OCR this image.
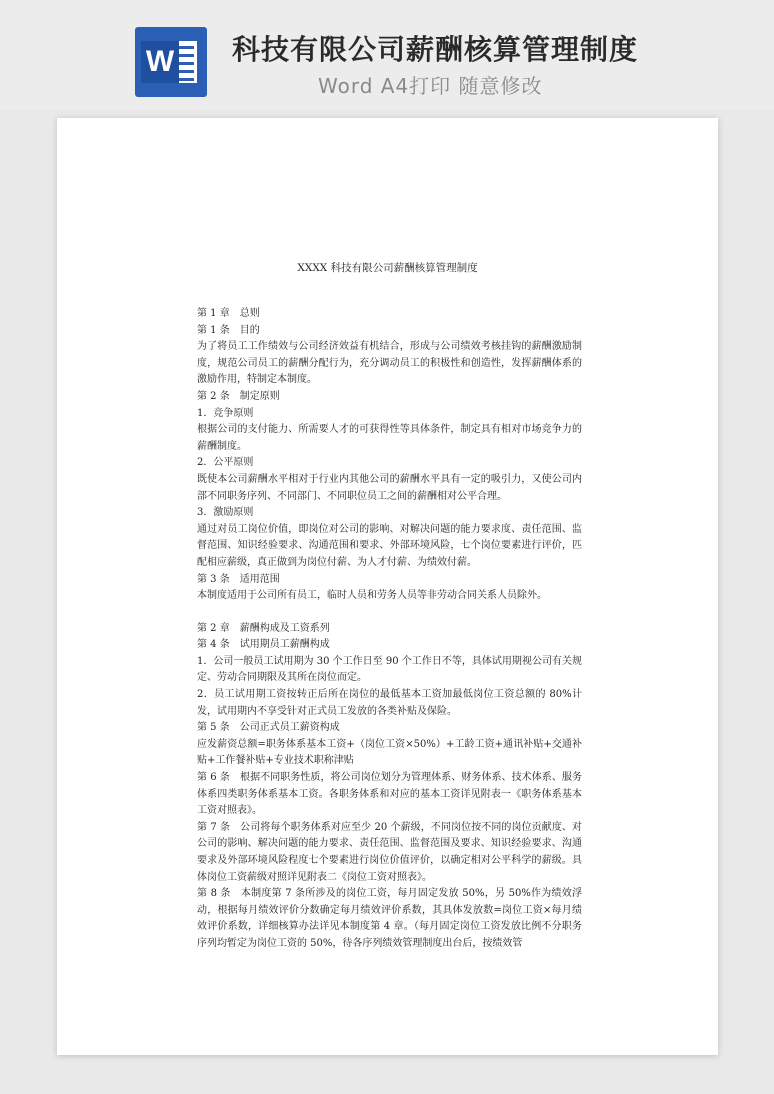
W 科技有限公司薪酬核算管理制度
Word A4打印 随意修改
XXXX 科技有限公司薪酬核算管理制度

第 1 章　总则

第 1 条　目的

为了将员工工作绩效与公司经济效益有机结合，形成与公司绩效考核挂钩的薪酬激励制度，规范公司员工的薪酬分配行为，充分调动员工的积极性和创造性，发挥薪酬体系的激励作用，特制定本制度。

第 2 条　制定原则

1．竞争原则

根据公司的支付能力、所需要人才的可获得性等具体条件，制定具有相对市场竞争力的薪酬制度。

2．公平原则

既使本公司薪酬水平相对于行业内其他公司的薪酬水平具有一定的吸引力，又使公司内部不同职务序列、不同部门、不同职位员工之间的薪酬相对公平合理。

3．激励原则

通过对员工岗位价值，即岗位对公司的影响、对解决问题的能力要求度、责任范围、监督范围、知识经验要求、沟通范围和要求、外部环境风险，七个岗位要素进行评价，匹配相应薪级，真正做到为岗位付薪、为人才付薪、为绩效付薪。

第 3 条　适用范围

本制度适用于公司所有员工，临时人员和劳务人员等非劳动合同关系人员除外。

第 2 章　薪酬构成及工资系列

第 4 条　试用期员工薪酬构成

1．公司一般员工试用期为 30 个工作日至 90 个工作日不等，具体试用期视公司有关规定、劳动合同期限及其所在岗位而定。

2．员工试用期工资按转正后所在岗位的最低基本工资加最低岗位工资总额的 80%计发，试用期内不享受针对正式员工发放的各类补贴及保险。

第 5 条　公司正式员工薪资构成

应发薪资总额=职务体系基本工资+（岗位工资×50%）+工龄工资+通讯补贴+交通补贴+工作餐补贴+专业技术职称津贴

第 6 条　根据不同职务性质，将公司岗位划分为管理体系、财务体系、技术体系、服务体系四类职务体系基本工资。各职务体系和对应的基本工资详见附表一《职务体系基本工资对照表》。

第 7 条　公司将每个职务体系对应至少 20 个薪级，不同岗位按不同的岗位贡献度、对公司的影响、解决问题的能力要求、责任范围、监督范围及要求、知识经验要求、沟通要求及外部环境风险程度七个要素进行岗位价值评价，以确定相对公平科学的薪级。具体岗位工资薪级对照详见附表二《岗位工资对照表》。

第 8 条　本制度第 7 条所涉及的岗位工资，每月固定发放 50%，另 50%作为绩效浮动，根据每月绩效评价分数确定每月绩效评价系数，其具体发放数=岗位工资×每月绩效评价系数，详细核算办法详见本制度第 4 章。（每月固定岗位工资发放比例不分职务序列均暂定为岗位工资的 50%，待各序列绩效管理制度出台后，按绩效管
